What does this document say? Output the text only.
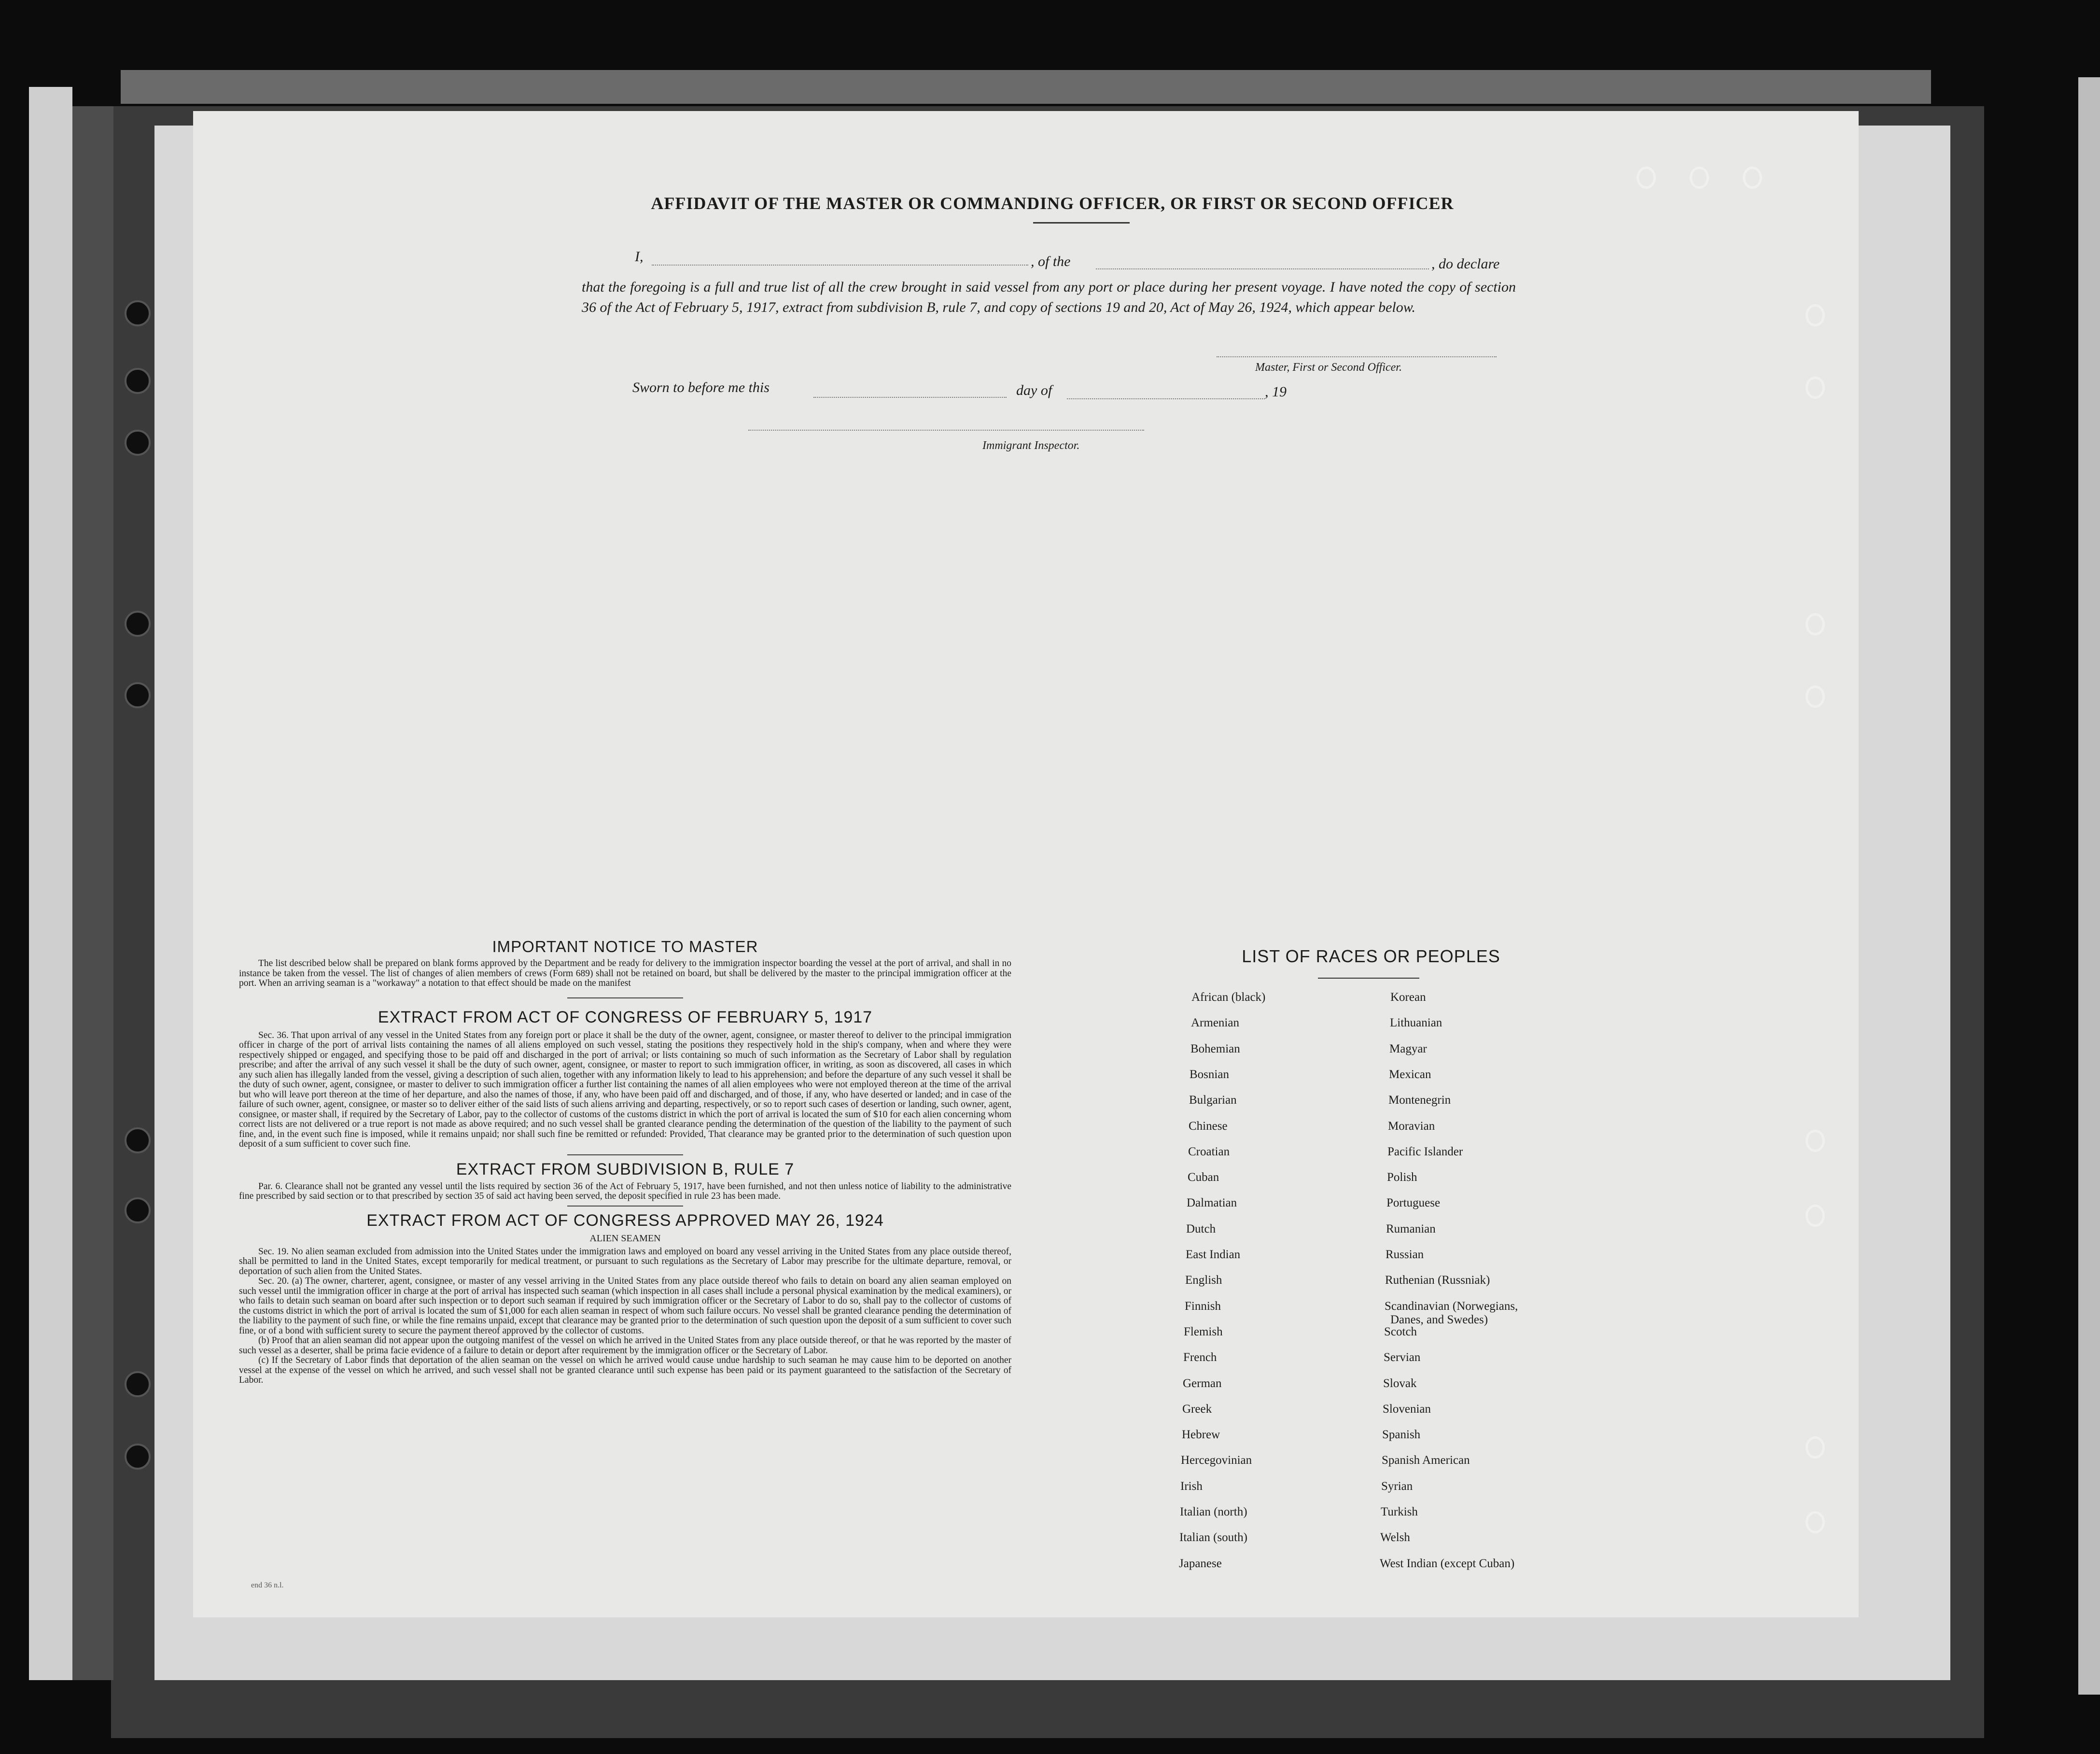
AFFIDAVIT OF THE MASTER OR COMMANDING OFFICER, OR FIRST OR SECOND OFFICER
I,	, of the	, do declare
that the foregoing is a full and true list of all the crew brought in said vessel from any port or place during her present voyage. I have noted the copy of section 36 of the Act of February 5, 1917, extract from subdivision B, rule 7, and copy of sections 19 and 20, Act of May 26, 1924, which appear below.
Master, First or Second Officer.
Sworn to before me this	day of	, 19
Immigrant Inspector.
IMPORTANT NOTICE TO MASTER
The list described below shall be prepared on blank forms approved by the Department and be ready for delivery to the immigration inspector boarding the vessel at the port of arrival, and shall in no instance be taken from the vessel. The list of changes of alien members of crews (Form 689) shall not be retained on board, but shall be delivered by the master to the principal immigration officer at the port. When an arriving seaman is a "workaway" a notation to that effect should be made on the manifest
EXTRACT FROM ACT OF CONGRESS OF FEBRUARY 5, 1917
Sec. 36. That upon arrival of any vessel in the United States from any foreign port or place it shall be the duty of the owner, agent, consignee, or master thereof to deliver to the principal immigration officer in charge of the port of arrival lists containing the names of all aliens employed on such vessel, stating the positions they respectively hold in the ship's company, when and where they were respectively shipped or engaged, and specifying those to be paid off and discharged in the port of arrival; or lists containing so much of such information as the Secretary of Labor shall by regulation prescribe; and after the arrival of any such vessel it shall be the duty of such owner, agent, consignee, or master to report to such immigration officer, in writing, as soon as discovered, all cases in which any such alien has illegally landed from the vessel, giving a description of such alien, together with any information likely to lead to his apprehension; and before the departure of any such vessel it shall be the duty of such owner, agent, consignee, or master to deliver to such immigration officer a further list containing the names of all alien employees who were not employed thereon at the time of the arrival but who will leave port thereon at the time of her departure, and also the names of those, if any, who have been paid off and discharged, and of those, if any, who have deserted or landed; and in case of the failure of such owner, agent, consignee, or master so to deliver either of the said lists of such aliens arriving and departing, respectively, or so to report such cases of desertion or landing, such owner, agent, consignee, or master shall, if required by the Secretary of Labor, pay to the collector of customs of the customs district in which the port of arrival is located the sum of $10 for each alien concerning whom correct lists are not delivered or a true report is not made as above required; and no such vessel shall be granted clearance pending the determination of the question of the liability to the payment of such fine, and, in the event such fine is imposed, while it remains unpaid; nor shall such fine be remitted or refunded: Provided, That clearance may be granted prior to the determination of such question upon deposit of a sum sufficient to cover such fine.
EXTRACT FROM SUBDIVISION B, RULE 7
Par. 6. Clearance shall not be granted any vessel until the lists required by section 36 of the Act of February 5, 1917, have been furnished, and not then unless notice of liability to the administrative fine prescribed by said section or to that prescribed by section 35 of said act having been served, the deposit specified in rule 23 has been made.
EXTRACT FROM ACT OF CONGRESS APPROVED MAY 26, 1924
ALIEN SEAMEN
Sec. 19. No alien seaman excluded from admission into the United States under the immigration laws and employed on board any vessel arriving in the United States from any place outside thereof, shall be permitted to land in the United States, except temporarily for medical treatment, or pursuant to such regulations as the Secretary of Labor may prescribe for the ultimate departure, removal, or deportation of such alien from the United States.
Sec. 20. (a) The owner, charterer, agent, consignee, or master of any vessel arriving in the United States from any place outside thereof who fails to detain on board any alien seaman employed on such vessel until the immigration officer in charge at the port of arrival has inspected such seaman (which inspection in all cases shall include a personal physical examination by the medical examiners), or who fails to detain such seaman on board after such inspection or to deport such seaman if required by such immigration officer or the Secretary of Labor to do so, shall pay to the collector of customs of the customs district in which the port of arrival is located the sum of $1,000 for each alien seaman in respect of whom such failure occurs. No vessel shall be granted clearance pending the determination of the liability to the payment of such fine, or while the fine remains unpaid, except that clearance may be granted prior to the determination of such question upon the deposit of a sum sufficient to cover such fine, or of a bond with sufficient surety to secure the payment thereof approved by the collector of customs.
(b) Proof that an alien seaman did not appear upon the outgoing manifest of the vessel on which he arrived in the United States from any place outside thereof, or that he was reported by the master of such vessel as a deserter, shall be prima facie evidence of a failure to detain or deport after requirement by the immigration officer or the Secretary of Labor.
(c) If the Secretary of Labor finds that deportation of the alien seaman on the vessel on which he arrived would cause undue hardship to such seaman he may cause him to be deported on another vessel at the expense of the vessel on which he arrived, and such vessel shall not be granted clearance until such expense has been paid or its payment guaranteed to the satisfaction of the Secretary of Labor.
LIST OF RACES OR PEOPLES
African (black)
Armenian
Bohemian
Bosnian
Bulgarian
Chinese
Croatian
Cuban
Dalmatian
Dutch
East Indian
English
Finnish
Flemish
French
German
Greek
Hebrew
Hercegovinian
Irish
Italian (north)
Italian (south)
Japanese
Korean
Lithuanian
Magyar
Mexican
Montenegrin
Moravian
Pacific Islander
Polish
Portuguese
Rumanian
Russian
Ruthenian (Russniak)
Scandinavian (Norwegians,
Danes, and Swedes)
Scotch
Servian
Slovak
Slovenian
Spanish
Spanish American
Syrian
Turkish
Welsh
West Indian (except Cuban)
end 36 n.l.
